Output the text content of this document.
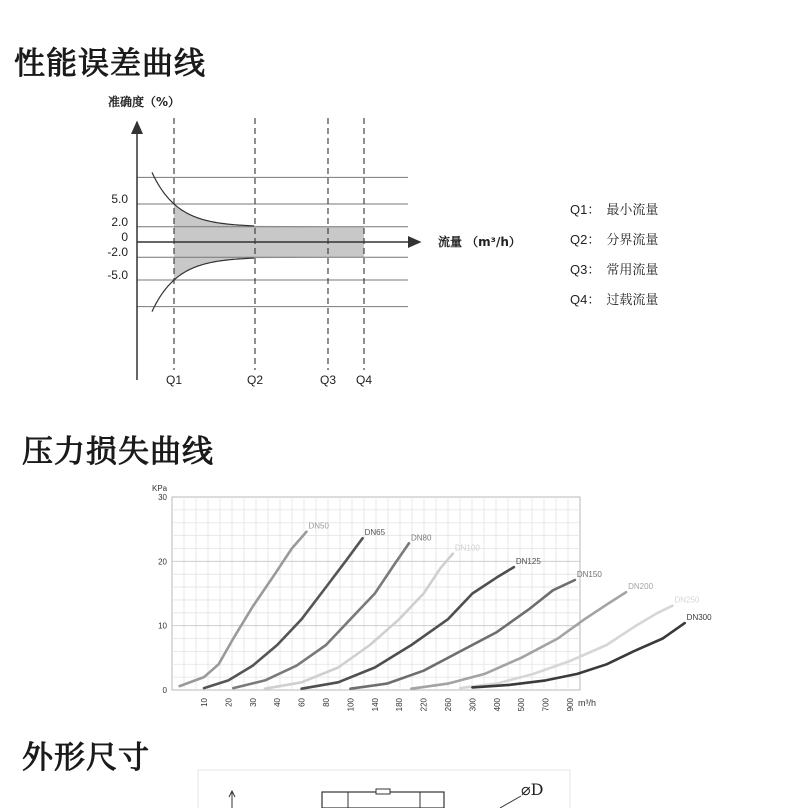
性能误差曲线
压力损失曲线
外形尺寸
5.0
2.0
0
-2.0
-5.0
Q1	Q2	Q3 Q4
准确度（%）
流量 （m³/h）
Q1： 最小流量
Q2： 分界流量
Q3： 常用流量
Q4： 过载流量
DN50
DN65
DN80
DN100
DN125
DN150
DN200
DN250
DN300
0
10
20
30
10 20 30 40 60 80 100 140 180 220 260 300 400 500 700 900
KPa
m³/h
⌀D
